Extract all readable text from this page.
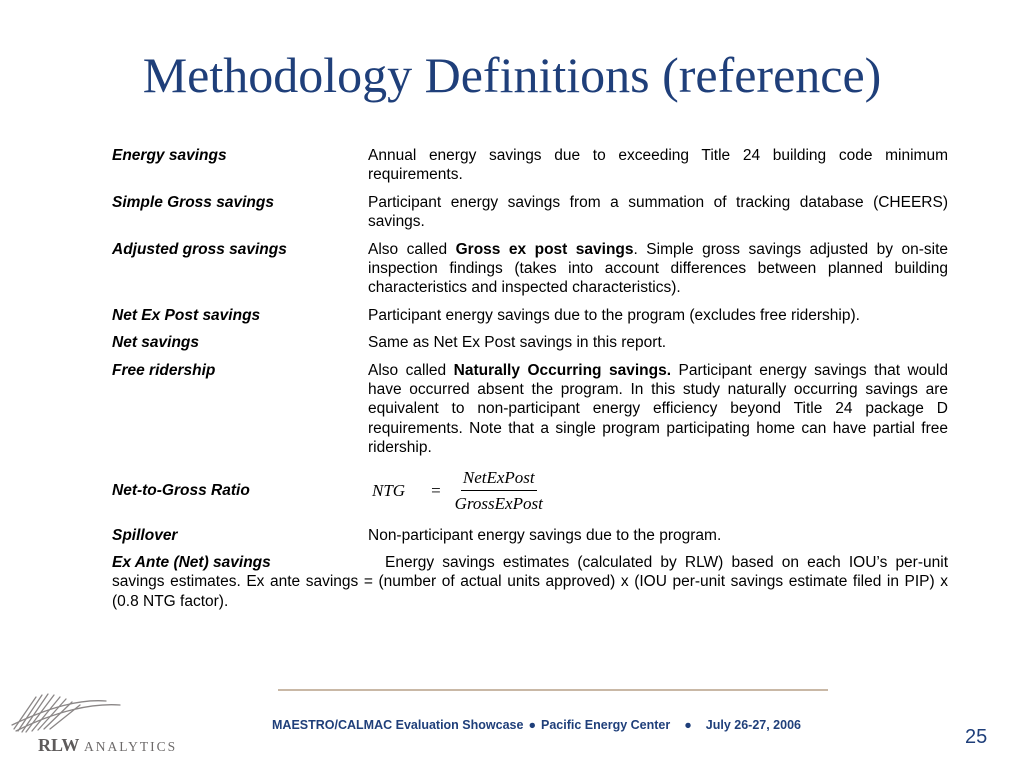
Methodology Definitions (reference)
Energy savings	Annual energy savings due to exceeding Title 24 building code minimum requirements.
Simple Gross savings	Participant energy savings from a summation of tracking database (CHEERS) savings.
Adjusted gross savings	Also called Gross ex post savings. Simple gross savings adjusted by on-site inspection findings (takes into account differences between planned building characteristics and inspected characteristics).
Net Ex Post savings	Participant energy savings due to the program (excludes free ridership).
Net savings	Same as Net Ex Post savings in this report.
Free ridership	Also called Naturally Occurring savings. Participant energy savings that would have occurred absent the program. In this study naturally occurring savings are equivalent to non-participant energy efficiency beyond Title 24 package D requirements. Note that a single program participating home can have partial free ridership.
Net-to-Gross Ratio	NTG = $\frac{\text{NetExPost}}{\text{GrossExPost}}$
Spillover	Non-participant energy savings due to the program.
Ex Ante (Net) savings	Energy savings estimates (calculated by RLW) based on each IOU’s per-unit savings estimates. Ex ante savings = (number of actual units approved) x (IOU per-unit savings estimate filed in PIP) x (0.8 NTG factor).
RLW ANALYTICS
MAESTRO/CALMAC Evaluation Showcase ● Pacific Energy Center ● July 26-27, 2006
25
